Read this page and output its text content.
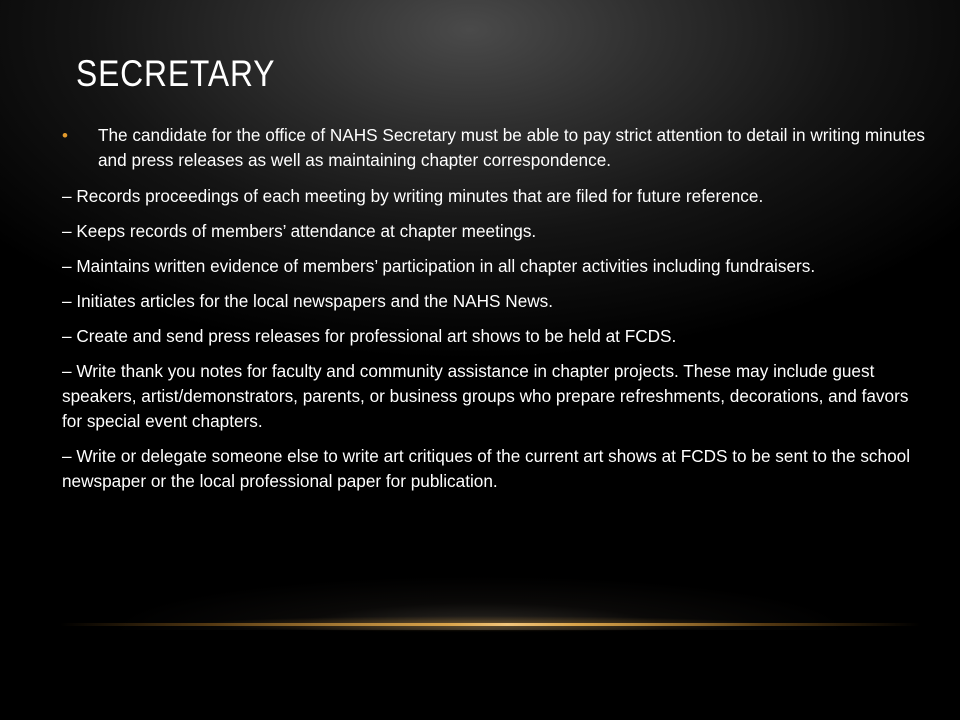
SECRETARY
•	The candidate for the office of NAHS Secretary must be able to pay strict attention to detail in writing minutes and press releases as well as maintaining chapter correspondence.

– Records proceedings of each meeting by writing minutes that are filed for future reference.

– Keeps records of members’ attendance at chapter meetings.

– Maintains written evidence of members’ participation in all chapter activities including fundraisers.

– Initiates articles for the local newspapers and the NAHS News.

– Create and send press releases for professional art shows to be held at FCDS.

– Write thank you notes for faculty and community assistance in chapter projects. These may include guest speakers, artist/demonstrators, parents, or business groups who prepare refreshments, decorations, and favors for special event chapters.

– Write or delegate someone else to write art critiques of the current art shows at FCDS to be sent to the school newspaper or the local professional paper for publication.
